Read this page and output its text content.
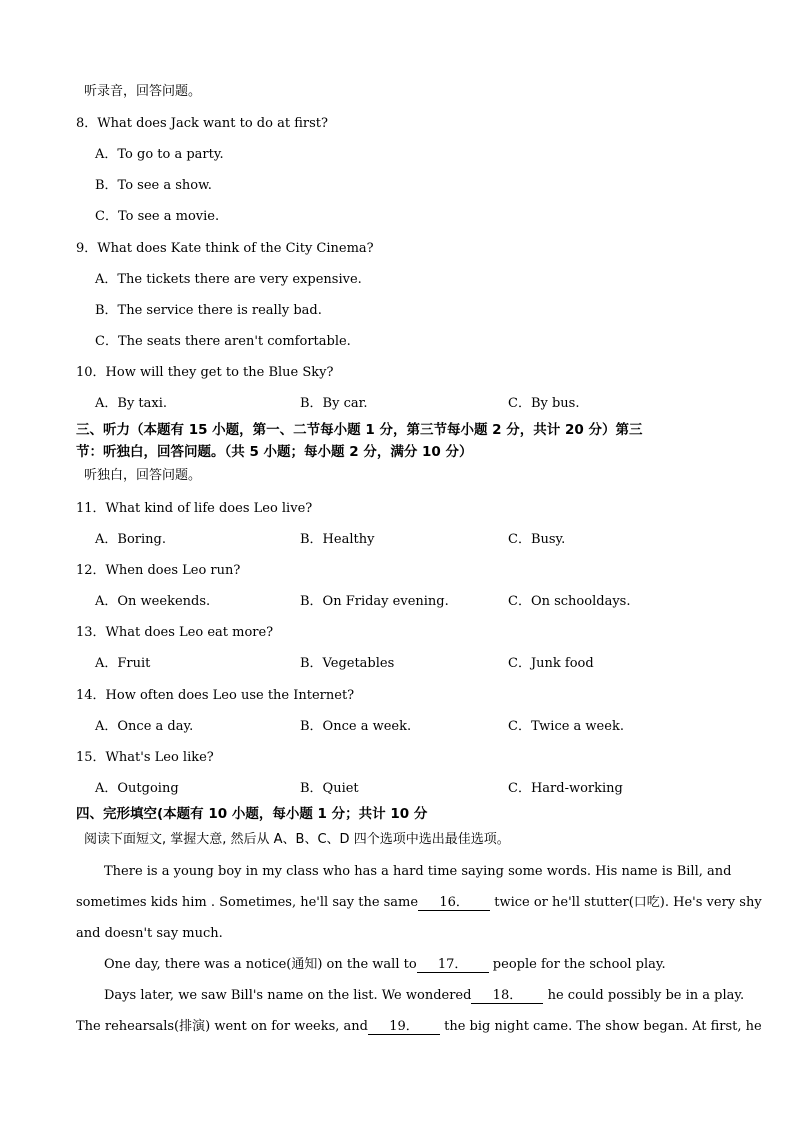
听录音，回答问题。
8．What does Jack want to do at first?
A．To go to a party.
B．To see a show.
C．To see a movie.
9．What does Kate think of the City Cinema?
A．The tickets there are very expensive.
B．The service there is really bad.
C．The seats there aren't comfortable.
10．How will they get to the Blue Sky?
A．By taxi.	B．By car.	C．By bus.
三、听力（本题有 15 小题，第一、二节每小题 1 分，第三节每小题 2 分，共计 20 分）第三
节：听独白，回答问题。（共 5 小题；每小题 2 分，满分 10 分）
听独白，回答问题。
11．What kind of life does Leo live?
A．Boring.	B．Healthy	C．Busy.
12．When does Leo run?
A．On weekends.	B．On Friday evening.	C．On schooldays.
13．What does Leo eat more?
A．Fruit	B．Vegetables	C．Junk food
14．How often does Leo use the Internet?
A．Once a day.	B．Once a week.	C．Twice a week.
15．What's Leo like?
A．Outgoing	B．Quiet	C．Hard-working
四、完形填空(本题有 10 小题，每小题 1 分；共计 10 分
阅读下面短文, 掌握大意, 然后从 A、B、C、D 四个选项中选出最佳选项。
There is a young boy in my class who has a hard time saying some words. His name is Bill, and
sometimes kids him . Sometimes, he'll say the same 16． twice or he'll stutter(口吃). He's very shy
and doesn't say much.
One day, there was a notice(通知) on the wall to 17． people for the school play.
Days later, we saw Bill's name on the list. We wondered 18． he could possibly be in a play.
The rehearsals(排演) went on for weeks, and 19． the big night came. The show began. At first, he
